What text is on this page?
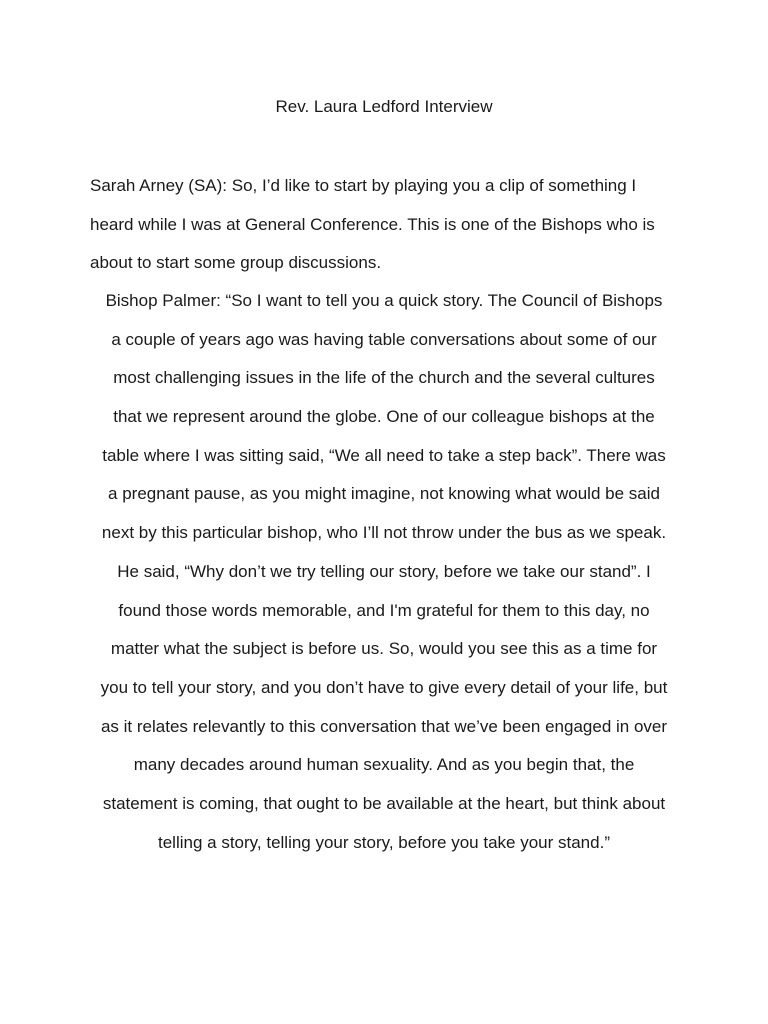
Rev. Laura Ledford Interview

Sarah Arney (SA): So, I’d like to start by playing you a clip of something I
heard while I was at General Conference. This is one of the Bishops who is
about to start some group discussions.

Bishop Palmer: “So I want to tell you a quick story. The Council of Bishops
a couple of years ago was having table conversations about some of our
most challenging issues in the life of the church and the several cultures
that we represent around the globe. One of our colleague bishops at the
table where I was sitting said, “We all need to take a step back”. There was
a pregnant pause, as you might imagine, not knowing what would be said
next by this particular bishop, who I’ll not throw under the bus as we speak.
He said, “Why don’t we try telling our story, before we take our stand”. I
found those words memorable, and I'm grateful for them to this day, no
matter what the subject is before us. So, would you see this as a time for
you to tell your story, and you don’t have to give every detail of your life, but
as it relates relevantly to this conversation that we’ve been engaged in over
many decades around human sexuality. And as you begin that, the
statement is coming, that ought to be available at the heart, but think about
telling a story, telling your story, before you take your stand.”
